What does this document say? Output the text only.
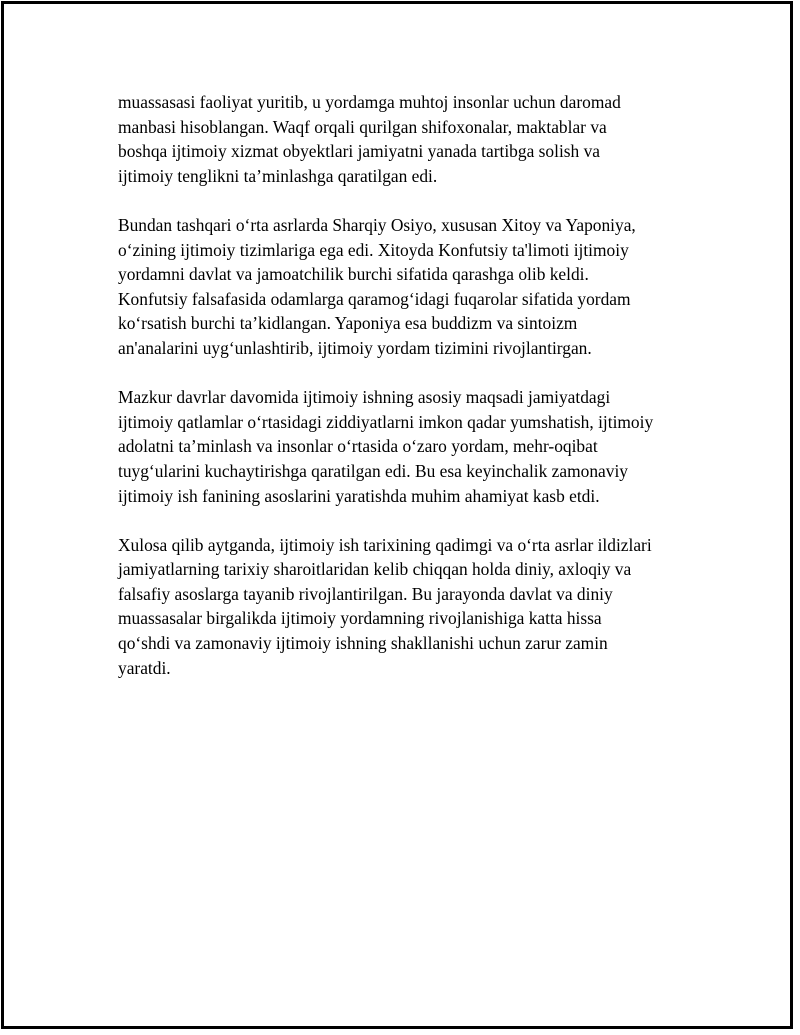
muassasasi faoliyat yuritib, u yordamga muhtoj insonlar uchun daromad
manbasi hisoblangan. Waqf orqali qurilgan shifoxonalar, maktablar va
boshqa ijtimoiy xizmat obyektlari jamiyatni yanada tartibga solish va
ijtimoiy tenglikni ta’minlashga qaratilgan edi.

Bundan tashqari o‘rta asrlarda Sharqiy Osiyo, xususan Xitoy va Yaponiya,
o‘zining ijtimoiy tizimlariga ega edi. Xitoyda Konfutsiy ta'limoti ijtimoiy
yordamni davlat va jamoatchilik burchi sifatida qarashga olib keldi.
Konfutsiy falsafasida odamlarga qaramog‘idagi fuqarolar sifatida yordam
ko‘rsatish burchi ta’kidlangan. Yaponiya esa buddizm va sintoizm
an'analarini uyg‘unlashtirib, ijtimoiy yordam tizimini rivojlantirgan.

Mazkur davrlar davomida ijtimoiy ishning asosiy maqsadi jamiyatdagi
ijtimoiy qatlamlar o‘rtasidagi ziddiyatlarni imkon qadar yumshatish, ijtimoiy
adolatni ta’minlash va insonlar o‘rtasida o‘zaro yordam, mehr-oqibat
tuyg‘ularini kuchaytirishga qaratilgan edi. Bu esa keyinchalik zamonaviy
ijtimoiy ish fanining asoslarini yaratishda muhim ahamiyat kasb etdi.

Xulosa qilib aytganda, ijtimoiy ish tarixining qadimgi va o‘rta asrlar ildizlari
jamiyatlarning tarixiy sharoitlaridan kelib chiqqan holda diniy, axloqiy va
falsafiy asoslarga tayanib rivojlantirilgan. Bu jarayonda davlat va diniy
muassasalar birgalikda ijtimoiy yordamning rivojlanishiga katta hissa
qo‘shdi va zamonaviy ijtimoiy ishning shakllanishi uchun zarur zamin
yaratdi.
